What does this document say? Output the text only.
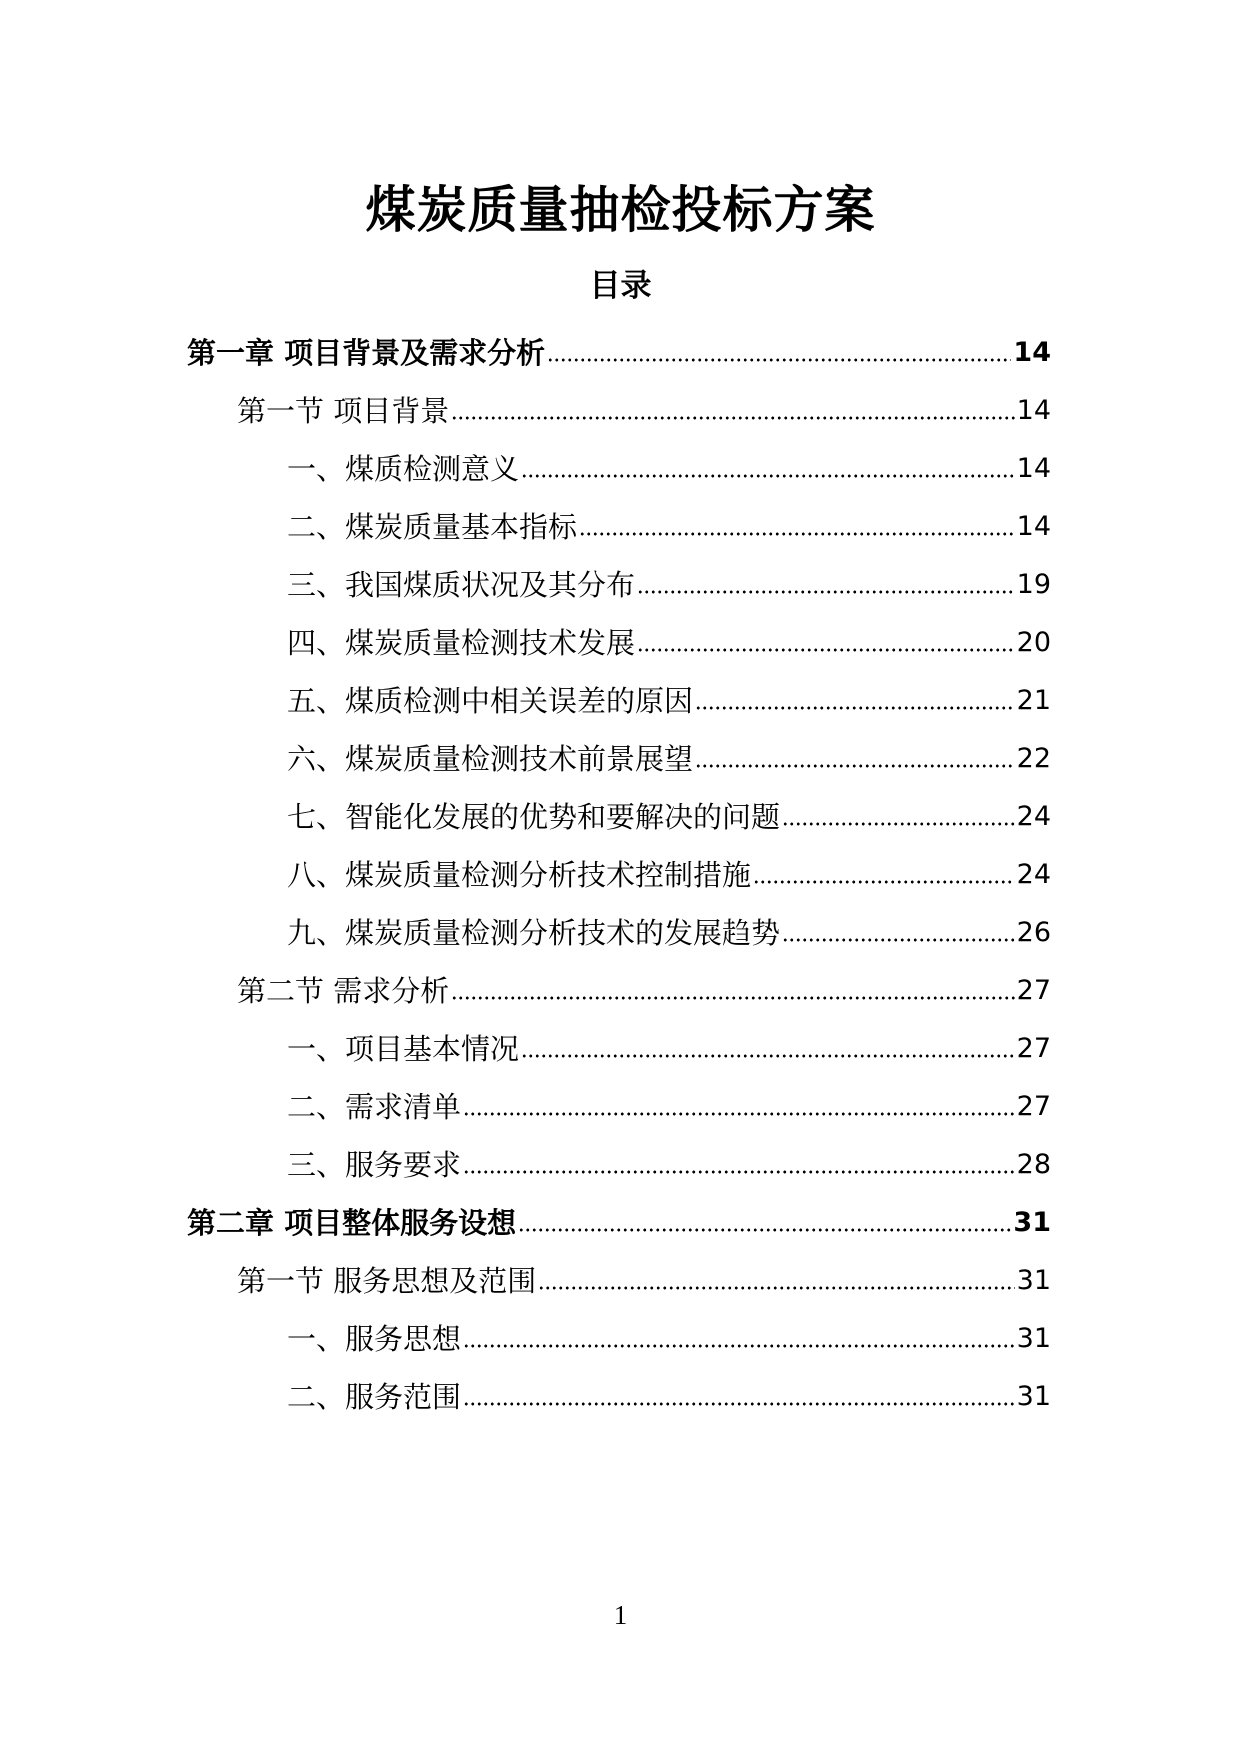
煤炭质量抽检投标方案
目录
第一章 项目背景及需求分析	14
第一节 项目背景	14
一、煤质检测意义	14
二、煤炭质量基本指标	14
三、我国煤质状况及其分布	19
四、煤炭质量检测技术发展	20
五、煤质检测中相关误差的原因	21
六、煤炭质量检测技术前景展望	22
七、智能化发展的优势和要解决的问题	24
八、煤炭质量检测分析技术控制措施	24
九、煤炭质量检测分析技术的发展趋势	26
第二节 需求分析	27
一、项目基本情况	27
二、需求清单	27
三、服务要求	28
第二章 项目整体服务设想	31
第一节 服务思想及范围	31
一、服务思想	31
二、服务范围	31
1
